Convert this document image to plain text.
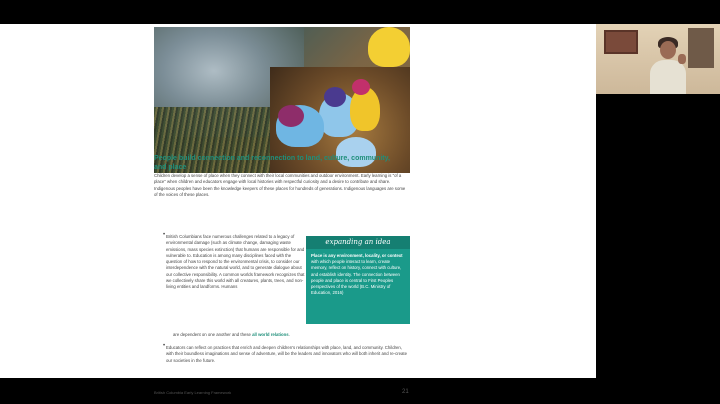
People build connection and reconnection to land, culture, community, and place
Children develop a sense of place when they connect with their local communities and outdoor environment. Early learning is "of a place" when children and educators engage with local histories with respectful curiosity and a desire to contribute and share. Indigenous peoples have been the knowledge keepers of these places for hundreds of generations. Indigenous languages are some of the voices of these places.
• British Columbians face numerous challenges related to a legacy of environmental damage (such as climate change, damaging waste emissions, mass species extinction) that humans are responsible for and vulnerable to. Education is among many disciplines faced with the question of how to respond to the environmental crisis, to consider our interdependence with the natural world, and to generate dialogue about our collective responsibility. A common worlds framework recognizes that we collectively share this world with all creatures, plants, trees, and non-living entities and landforms. Humans
are dependent on one another and these all world relations.
expanding an idea
Place is any environment, locality, or context with which people interact to learn, create memory, reflect on history, connect with culture, and establish identity. The connection between people and place is central to First Peoples perspectives of the world (B.C. Ministry of Education, 2016)
• Educators can reflect on practices that enrich and deepen children's relationships with place, land, and community. Children, with their boundless imaginations and sense of adventure, will be the leaders and innovators who will both inherit and re-create our societies in the future.
British Columbia Early Learning Framework	21
